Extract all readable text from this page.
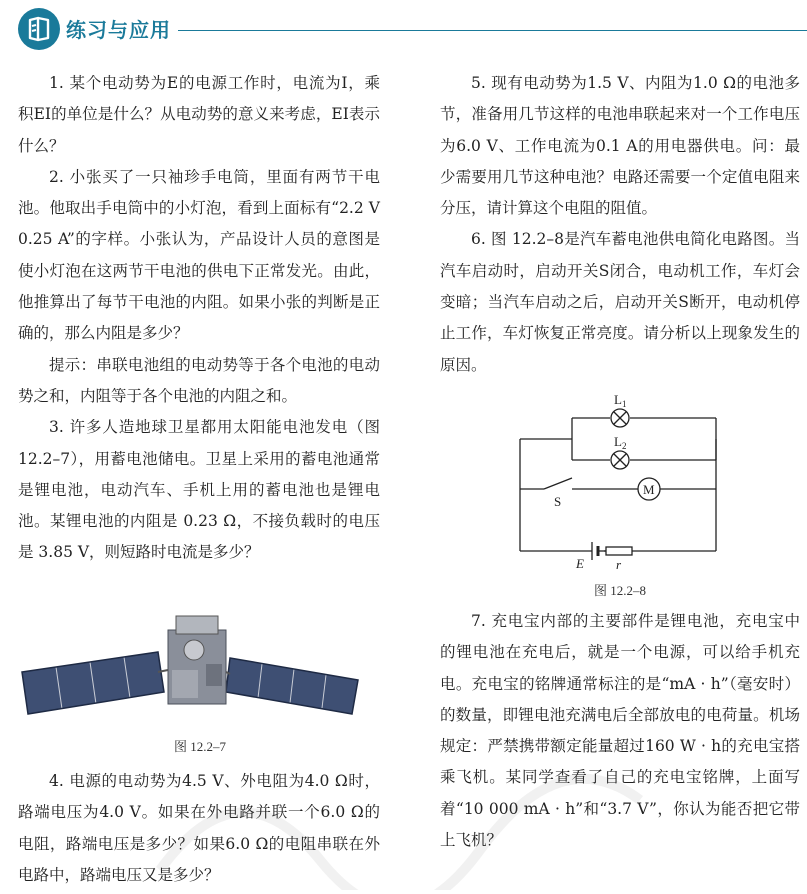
练习与应用

1. 某个电动势为E的电源工作时，电流为I，乘积EI的单位是什么？从电动势的意义来考虑，EI表示什么？

2. 小张买了一只袖珍手电筒，里面有两节干电池。他取出手电筒中的小灯泡，看到上面标有“2.2 V 0.25 A”的字样。小张认为，产品设计人员的意图是使小灯泡在这两节干电池的供电下正常发光。由此，他推算出了每节干电池的内阻。如果小张的判断是正确的，那么内阻是多少？

提示：串联电池组的电动势等于各个电池的电动势之和，内阻等于各个电池的内阻之和。

3. 许多人造地球卫星都用太阳能电池发电（图12.2–7），用蓄电池储电。卫星上采用的蓄电池通常是锂电池，电动汽车、手机上用的蓄电池也是锂电池。某锂电池的内阻是 0.23 Ω，不接负载时的电压是 3.85 V，则短路时电流是多少？

图 12.2–7

4. 电源的电动势为4.5 V、外电阻为4.0 Ω时，路端电压为4.0 V。如果在外电路并联一个6.0 Ω的电阻，路端电压是多少？如果6.0 Ω的电阻串联在外电路中，路端电压又是多少？

5. 现有电动势为1.5 V、内阻为1.0 Ω的电池多节，准备用几节这样的电池串联起来对一个工作电压为6.0 V、工作电流为0.1 A的用电器供电。问：最少需要用几节这种电池？电路还需要一个定值电阻来分压，请计算这个电阻的阻值。

6. 图 12.2–8是汽车蓄电池供电简化电路图。当汽车启动时，启动开关S闭合，电动机工作，车灯会变暗；当汽车启动之后，启动开关S断开，电动机停止工作，车灯恢复正常亮度。请分析以上现象发生的原因。

$L_1$
$L_2$
M
S
E r
图 12.2–8

7. 充电宝内部的主要部件是锂电池，充电宝中的锂电池在充电后，就是一个电源，可以给手机充电。充电宝的铭牌通常标注的是“mA · h”（毫安时）的数量，即锂电池充满电后全部放电的电荷量。机场规定：严禁携带额定能量超过160 W · h的充电宝搭乘飞机。某同学查看了自己的充电宝铭牌，上面写着“10 000 mA · h”和“3.7 V”，你认为能否把它带上飞机？
